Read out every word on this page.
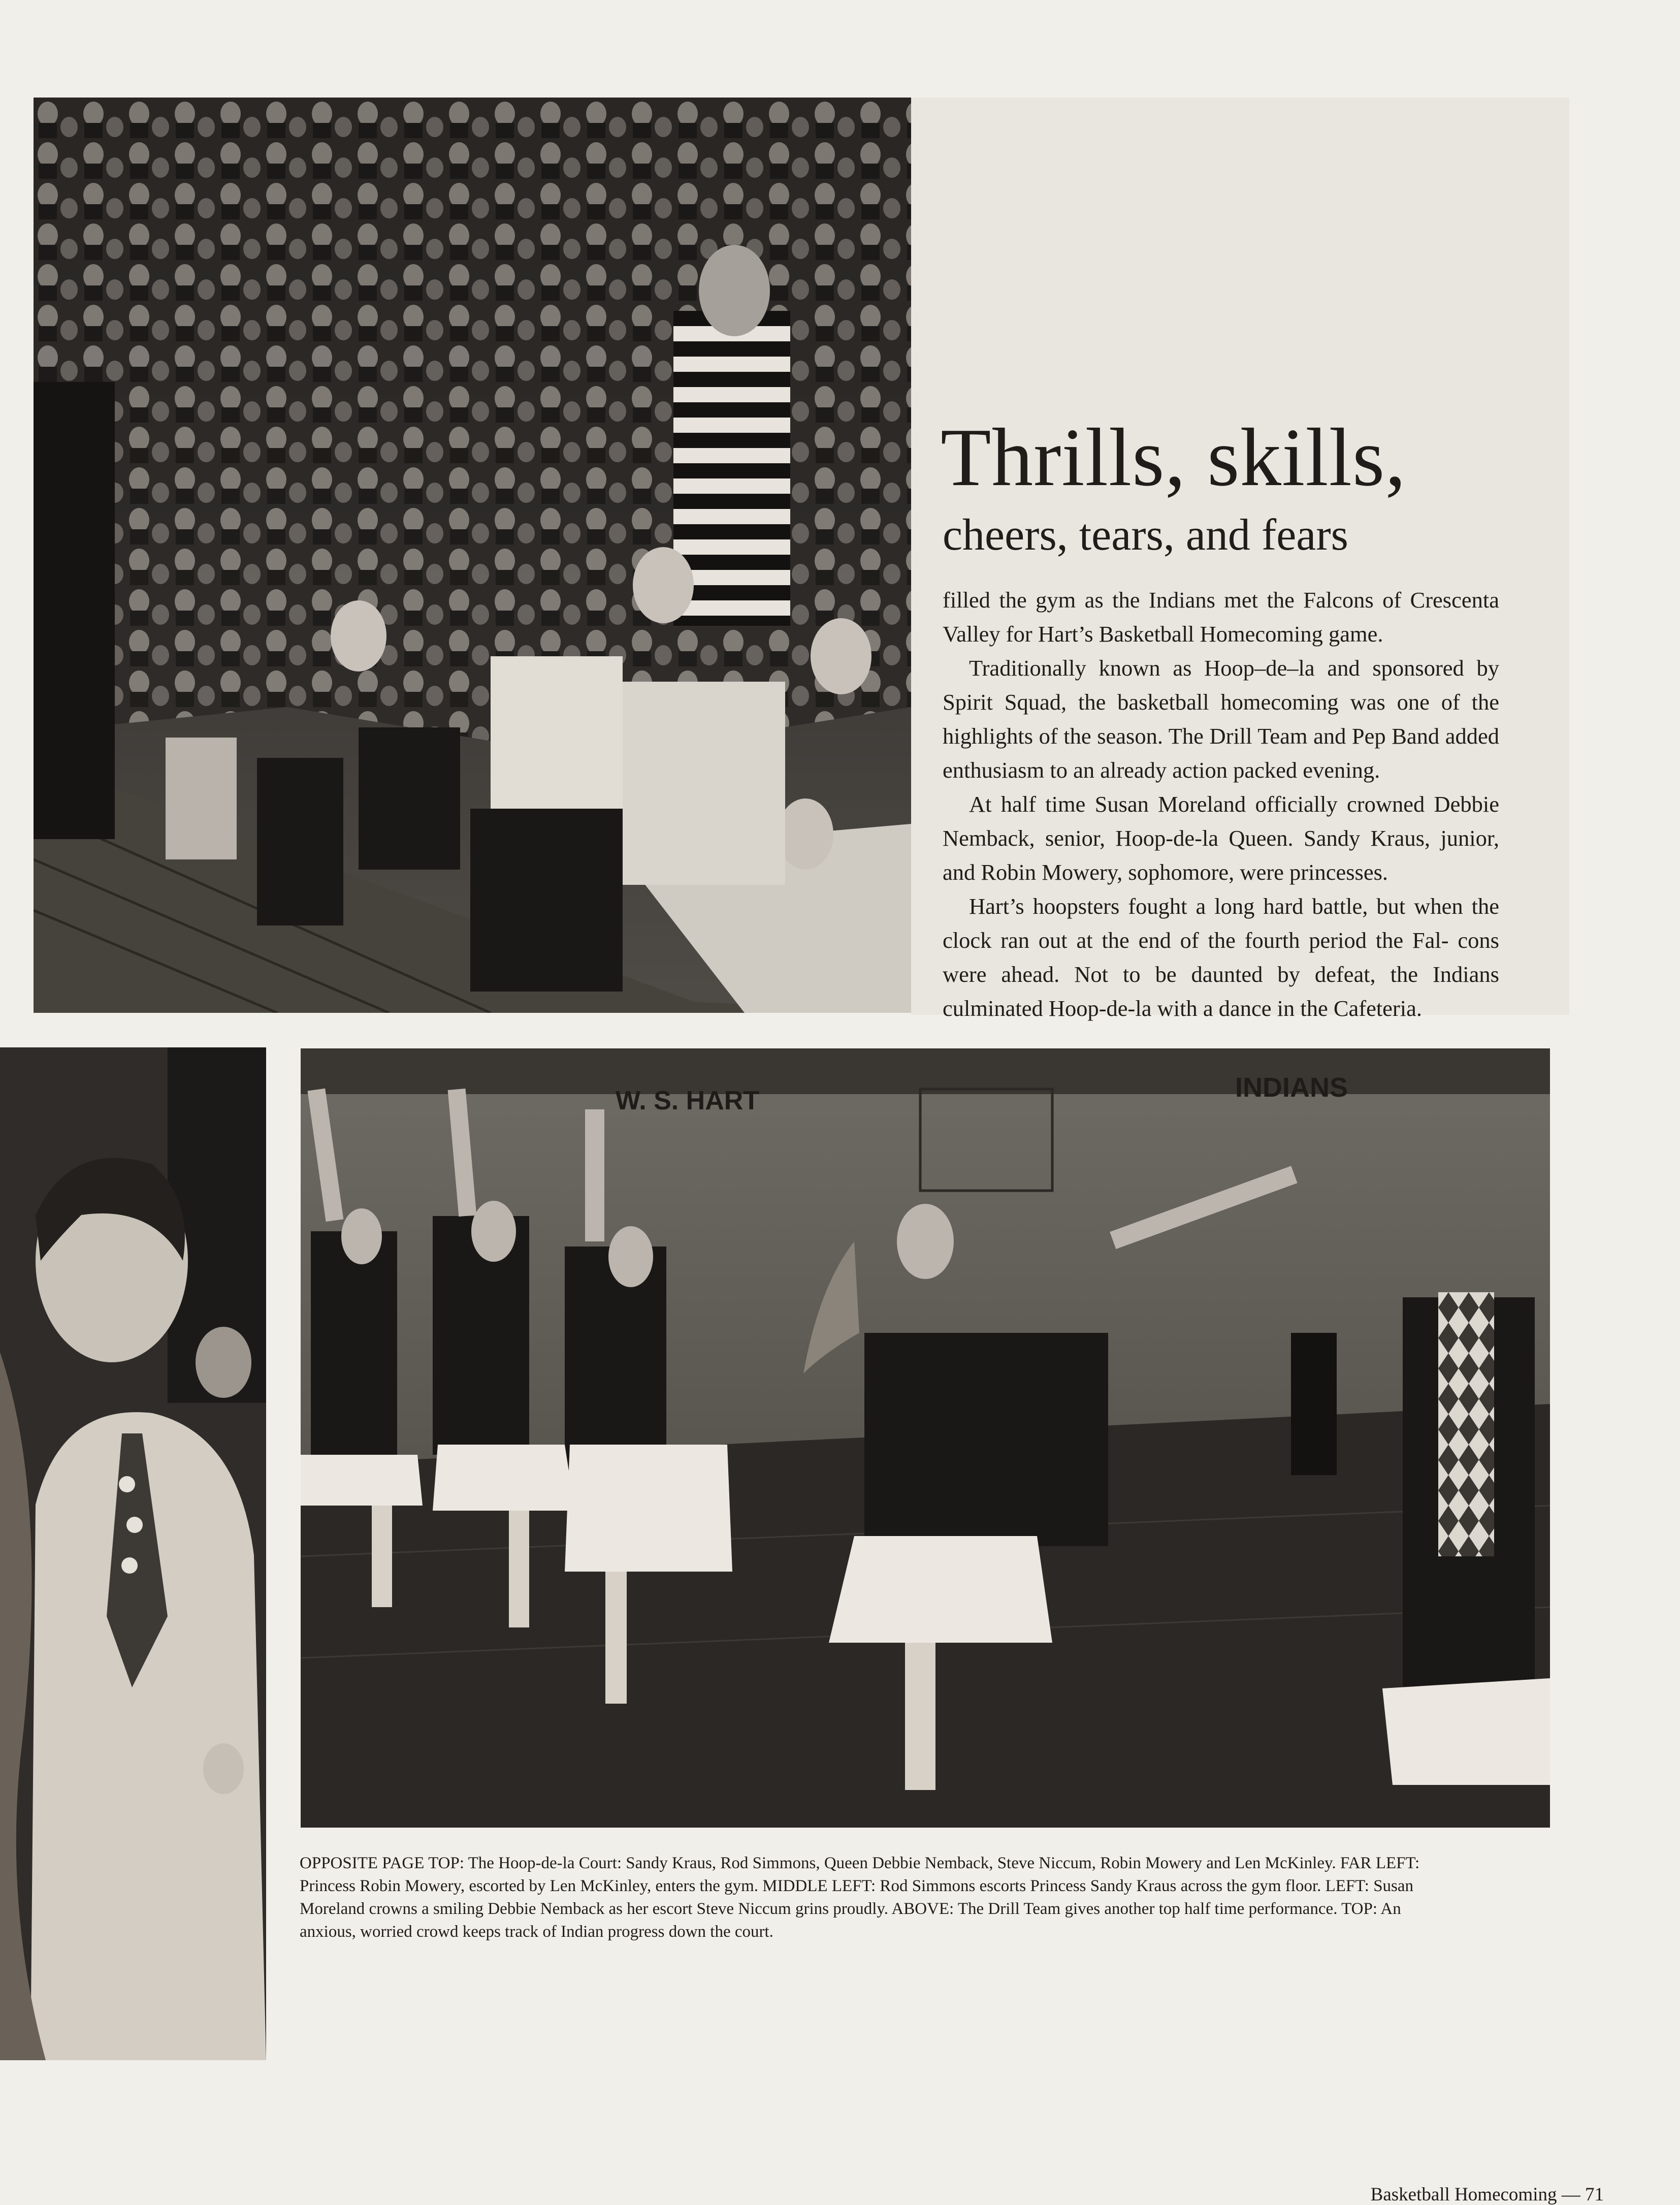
Thrills, skills,
cheers, tears, and fears

filled the gym as the Indians met the Falcons of Crescenta Valley for Hart’s Basketball Homecoming game.

Traditionally known as Hoop–de–la and sponsored by Spirit Squad, the basketball homecoming was one of the highlights of the season. The Drill Team and Pep Band added enthusiasm to an already action packed evening.

At half time Susan Moreland officially crowned Debbie Nemback, senior, Hoop-de-la Queen. Sandy Kraus, junior, and Robin Mowery, sophomore, were princesses.

Hart’s hoopsters fought a long hard battle, but when the clock ran out at the end of the fourth period the Fal- cons were ahead. Not to be daunted by defeat, the Indians culminated Hoop-de-la with a dance in the Cafeteria.

W. S. HART	INDIANS

OPPOSITE PAGE TOP: The Hoop-de-la Court: Sandy Kraus, Rod Simmons, Queen Debbie Nemback, Steve Niccum, Robin Mowery and Len McKinley. FAR LEFT: Princess Robin Mowery, escorted by Len McKinley, enters the gym. MIDDLE LEFT: Rod Simmons escorts Princess Sandy Kraus across the gym floor. LEFT: Susan Moreland crowns a smiling Debbie Nemback as her escort Steve Niccum grins proudly. ABOVE: The Drill Team gives another top half time performance. TOP: An anxious, worried crowd keeps track of Indian progress down the court.

Basketball Homecoming — 71
